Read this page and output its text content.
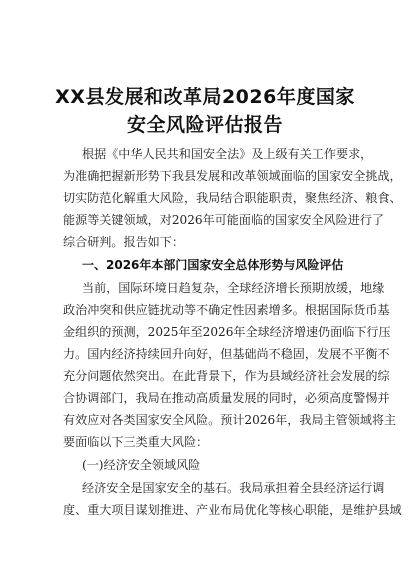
XX县发展和改革局2026年度国家
安全风险评估报告
根据《中华人民共和国安全法》及上级有关工作要求，
为准确把握新形势下我县发展和改革领域面临的国家安全挑战，
切实防范化解重大风险，我局结合职能职责，聚焦经济、粮食、
能源等关键领域，对2026年可能面临的国家安全风险进行了
综合研判。报告如下：
一、2026年本部门国家安全总体形势与风险评估
当前，国际环境日趋复杂，全球经济增长预期放缓，地缘
政治冲突和供应链扰动等不确定性因素增多。根据国际货币基
金组织的预测，2025年至2026年全球经济增速仍面临下行压
力。国内经济持续回升向好，但基础尚不稳固，发展不平衡不
充分问题依然突出。在此背景下，作为县域经济社会发展的综
合协调部门，我局在推动高质量发展的同时，必须高度警惕并
有效应对各类国家安全风险。预计2026年，我局主管领域将主
要面临以下三类重大风险：
(一)经济安全领域风险
经济安全是国家安全的基石。我局承担着全县经济运行调
度、重大项目谋划推进、产业布局优化等核心职能，是维护县域
